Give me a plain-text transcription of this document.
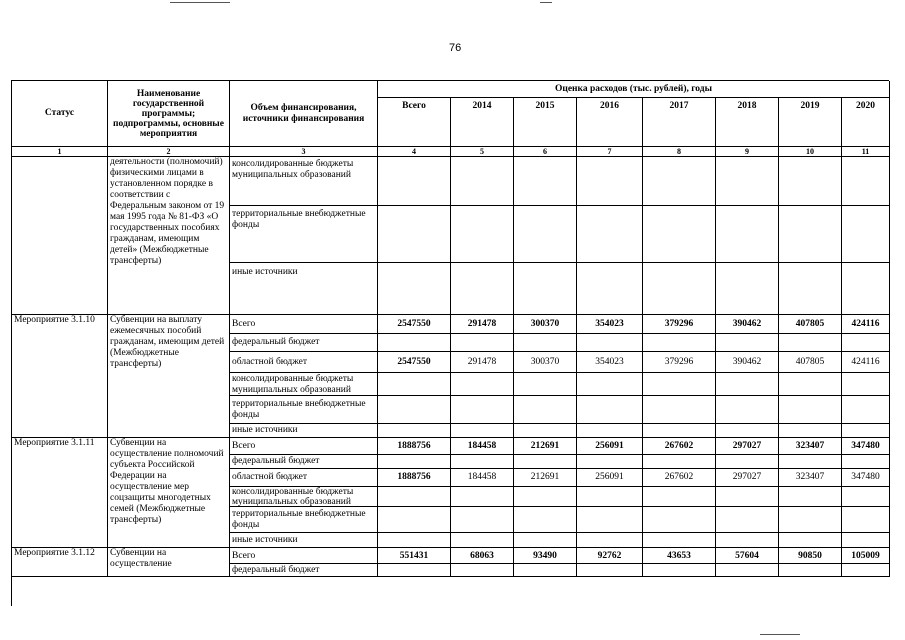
76
Статус
Наименование государственной программы; подпрограммы, основные мероприятия
Объем финансирования, источники финансирования
Оценка расходов (тыс. рублей), годы
Всего	2014	2015	2016	2017	2018	2019	2020
1	2	3	4	5	6	7	8	9	10	11
деятельности (полномочий) физическими лицами в установленном порядке в соответствии с Федеральным законом от 19 мая 1995 года № 81-ФЗ «О государственных пособиях гражданам, имеющим детей» (Межбюджетные трансферты)
консолидированные бюджеты муниципальных образований
территориальные внебюджетные фонды
иные источники
Мероприятие 3.1.10	Субвенции на выплату ежемесячных пособий гражданам, имеющим детей (Межбюджетные трансферты)
Всего	2547550	291478	300370	354023	379296	390462	407805	424116
федеральный бюджет
областной бюджет	2547550	291478	300370	354023	379296	390462	407805	424116
консолидированные бюджеты муниципальных образований
территориальные внебюджетные фонды
иные источники
Мероприятие 3.1.11	Субвенции на осуществление полномочий субъекта Российской Федерации на осуществление мер соцзащиты многодетных семей (Межбюджетные трансферты)
Всего	1888756	184458	212691	256091	267602	297027	323407	347480
федеральный бюджет
областной бюджет	1888756	184458	212691	256091	267602	297027	323407	347480
консолидированные бюджеты муниципальных образований
территориальные внебюджетные фонды
иные источники
Мероприятие 3.1.12	Субвенции на осуществление
Всего	551431	68063	93490	92762	43653	57604	90850	105009
федеральный бюджет
